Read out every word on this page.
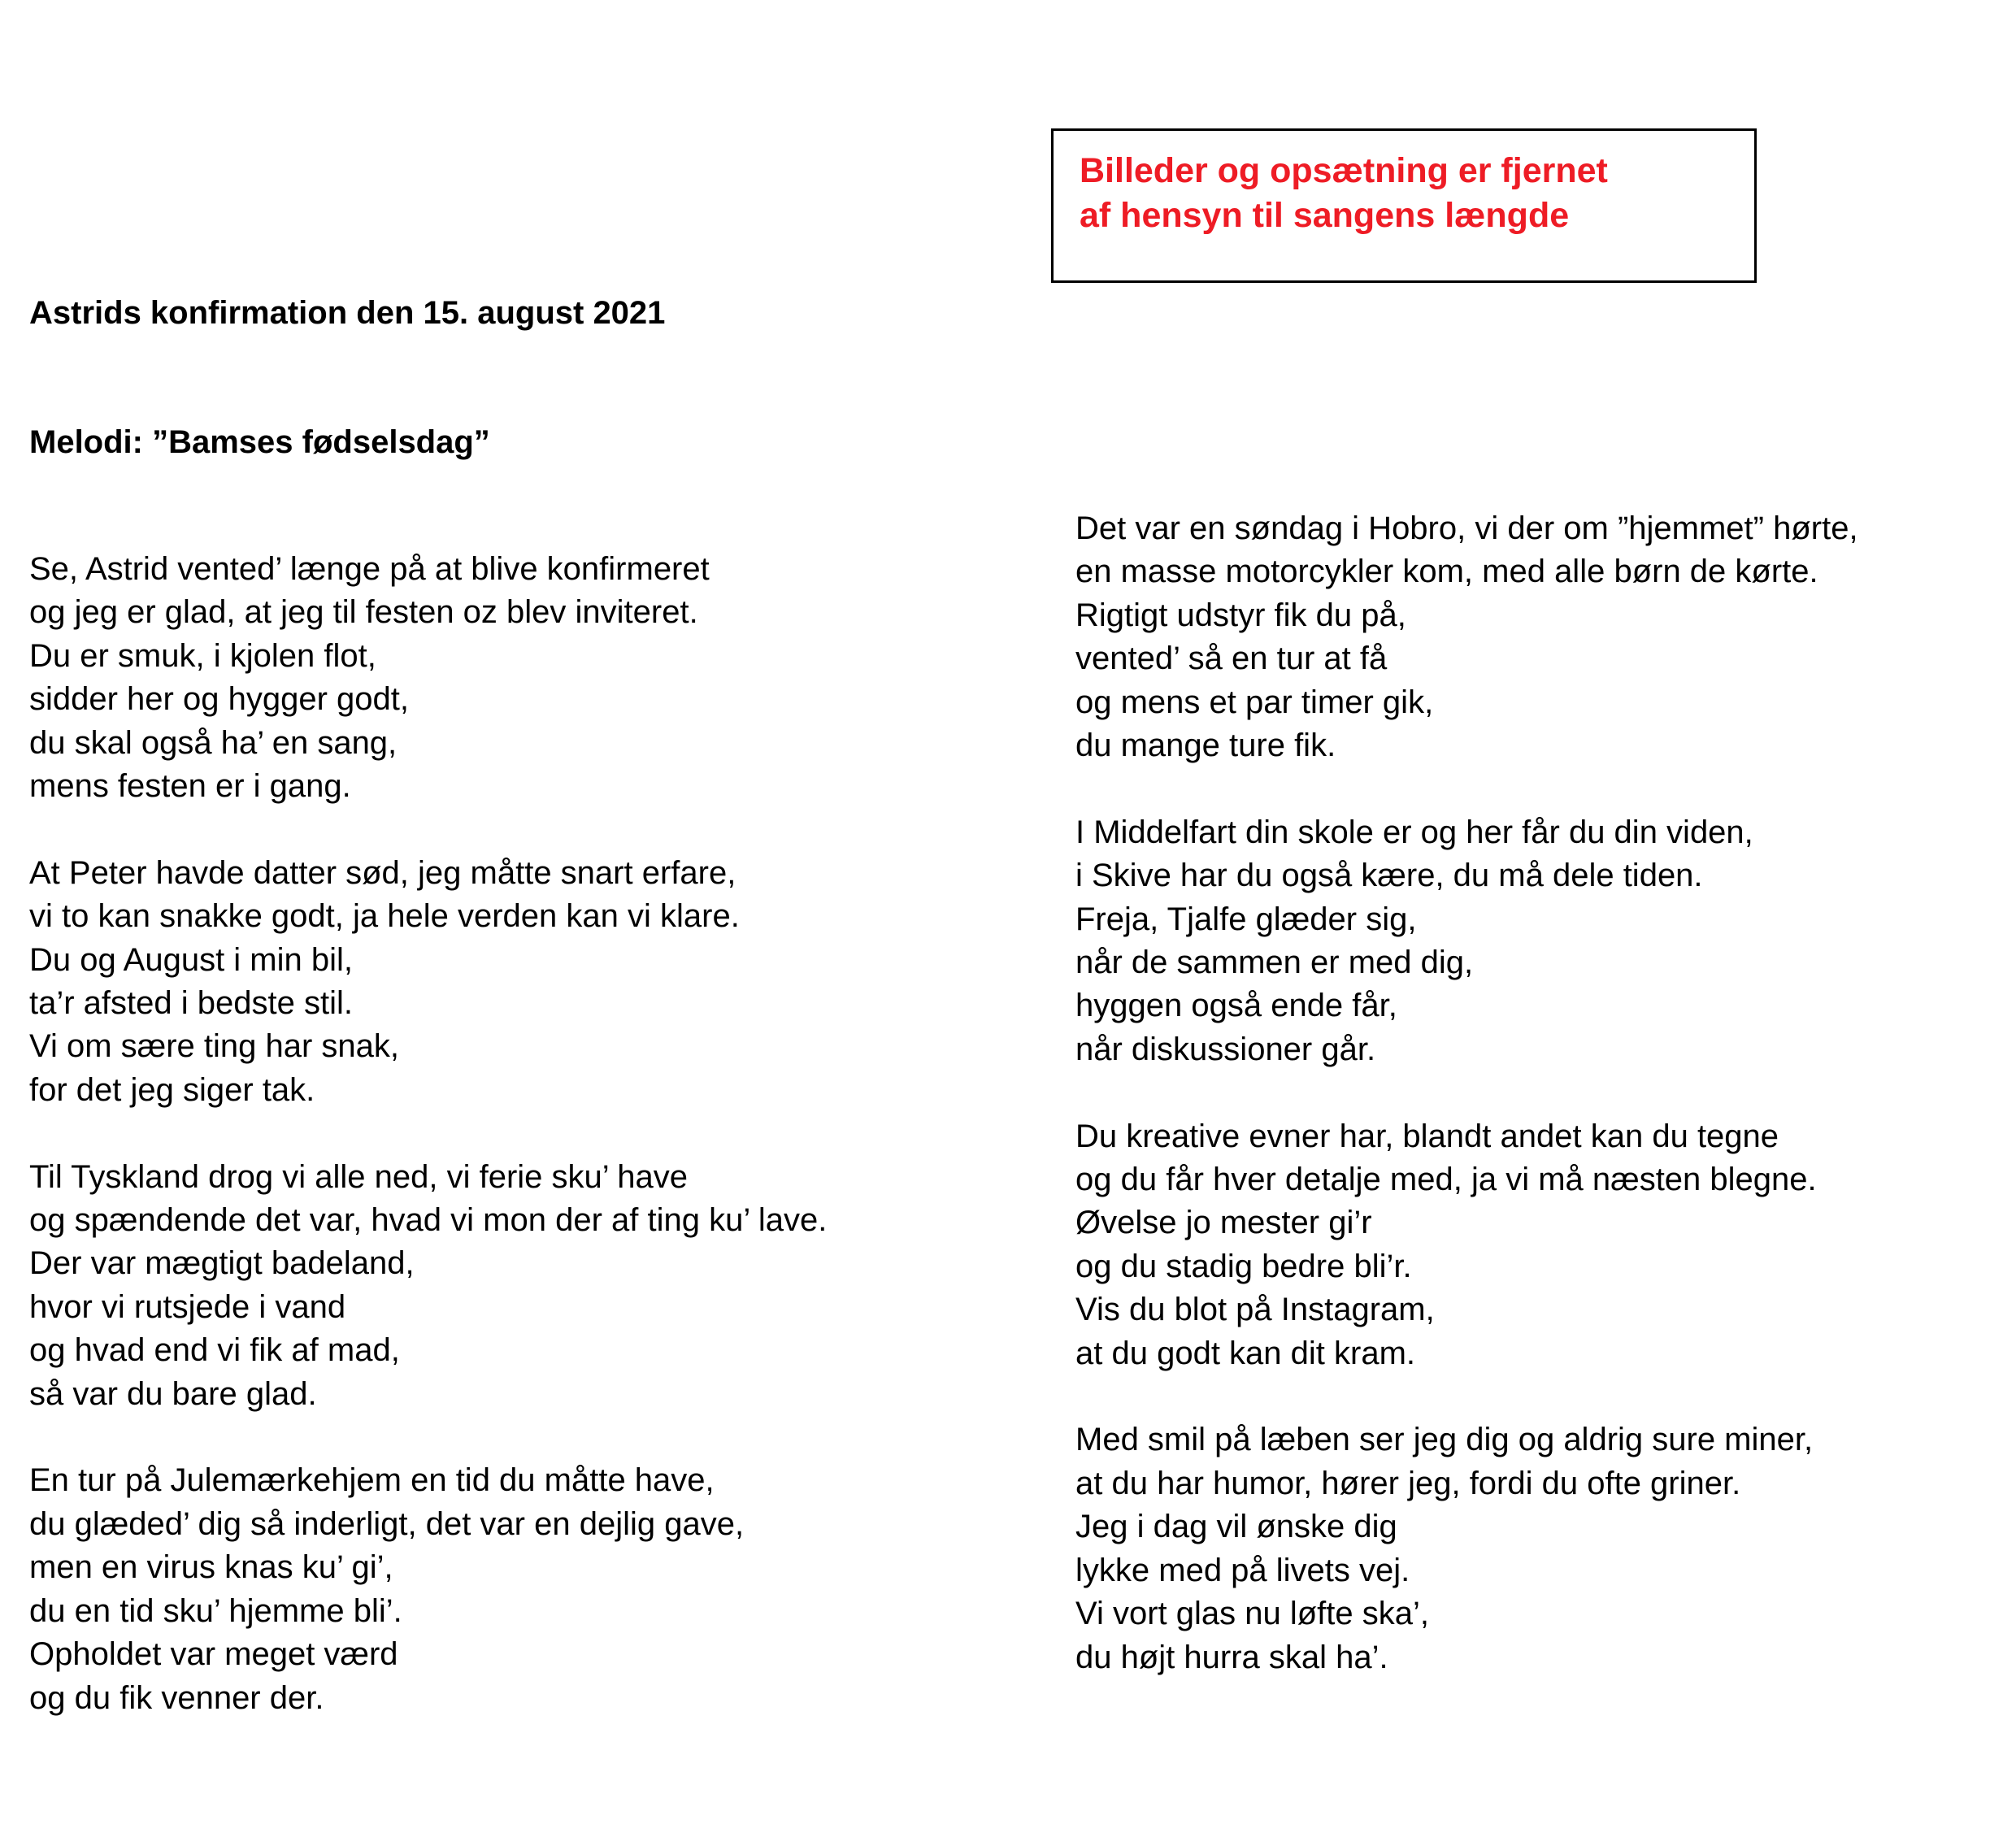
Billeder og opsætning er fjernet
af hensyn til sangens længde
Astrids konfirmation den 15. august 2021
Melodi: ”Bamses fødselsdag”
Se, Astrid vented’ længe på at blive konfirmeret
og jeg er glad, at jeg til festen oz blev inviteret.
Du er smuk, i kjolen flot,
sidder her og hygger godt,
du skal også ha’ en sang,
mens festen er i gang.
At Peter havde datter sød, jeg måtte snart erfare,
vi to kan snakke godt, ja hele verden kan vi klare.
Du og August i min bil,
ta’r afsted i bedste stil.
Vi om sære ting har snak,
for det jeg siger tak.
Til Tyskland drog vi alle ned, vi ferie sku’ have
og spændende det var, hvad vi mon der af ting ku’ lave.
Der var mægtigt badeland,
hvor vi rutsjede i vand
og hvad end vi fik af mad,
så var du bare glad.
En tur på Julemærkehjem en tid du måtte have,
du glæded’ dig så inderligt, det var en dejlig gave,
men en virus knas ku’ gi’,
du en tid sku’ hjemme bli’.
Opholdet var meget værd
og du fik venner der.
Det var en søndag i Hobro, vi der om ”hjemmet” hørte,
en masse motorcykler kom, med alle børn de kørte.
Rigtigt udstyr fik du på,
vented’ så en tur at få
og mens et par timer gik,
du mange ture fik.
I Middelfart din skole er og her får du din viden,
i Skive har du også kære, du må dele tiden.
Freja, Tjalfe glæder sig,
når de sammen er med dig,
hyggen også ende får,
når diskussioner går.
Du kreative evner har, blandt andet kan du tegne
og du får hver detalje med, ja vi må næsten blegne.
Øvelse jo mester gi’r
og du stadig bedre bli’r.
Vis du blot på Instagram,
at du godt kan dit kram.
Med smil på læben ser jeg dig og aldrig sure miner,
at du har humor, hører jeg, fordi du ofte griner.
Jeg i dag vil ønske dig
lykke med på livets vej.
Vi vort glas nu løfte ska’,
du højt hurra skal ha’.
